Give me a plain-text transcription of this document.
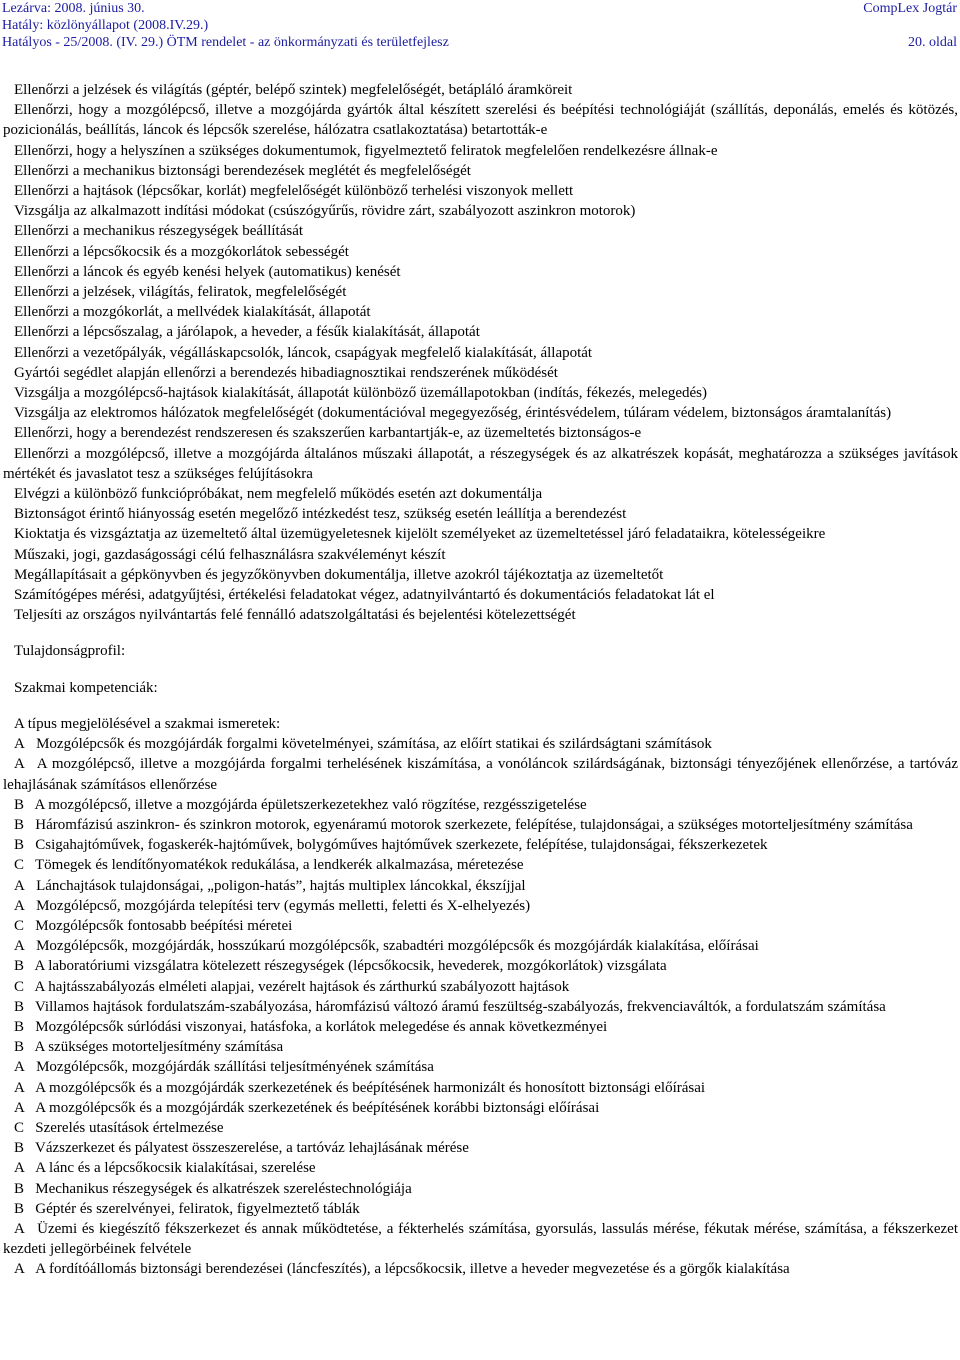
Lezárva: 2008. június 30.	CompLex Jogtár
Hatály: közlönyállapot (2008.IV.29.)
Hatályos - 25/2008. (IV. 29.) ÖTM rendelet - az önkormányzati és területfejlesz	20. oldal
Ellenőrzi a jelzések és világítás (géptér, belépő szintek) megfelelőségét, betápláló áramköreit
Ellenőrzi, hogy a mozgólépcső, illetve a mozgójárda gyártók által készített szerelési és beépítési technológiáját (szállítás, deponálás, emelés és kötözés, pozicionálás, beállítás, láncok és lépcsők szerelése, hálózatra csatlakoztatása) betartották-e
Ellenőrzi, hogy a helyszínen a szükséges dokumentumok, figyelmeztető feliratok megfelelően rendelkezésre állnak-e
Ellenőrzi a mechanikus biztonsági berendezések meglétét és megfelelőségét
Ellenőrzi a hajtások (lépcsőkar, korlát) megfelelőségét különböző terhelési viszonyok mellett
Vizsgálja az alkalmazott indítási módokat (csúszógyűrűs, rövidre zárt, szabályozott aszinkron motorok)
Ellenőrzi a mechanikus részegységek beállítását
Ellenőrzi a lépcsőkocsik és a mozgókorlátok sebességét
Ellenőrzi a láncok és egyéb kenési helyek (automatikus) kenését
Ellenőrzi a jelzések, világítás, feliratok, megfelelőségét
Ellenőrzi a mozgókorlát, a mellvédek kialakítását, állapotát
Ellenőrzi a lépcsőszalag, a járólapok, a heveder, a fésűk kialakítását, állapotát
Ellenőrzi a vezetőpályák, végálláskapcsolók, láncok, csapágyak megfelelő kialakítását, állapotát
Gyártói segédlet alapján ellenőrzi a berendezés hibadiagnosztikai rendszerének működését
Vizsgálja a mozgólépcső-hajtások kialakítását, állapotát különböző üzemállapotokban (indítás, fékezés, melegedés)
Vizsgálja az elektromos hálózatok megfelelőségét (dokumentációval megegyezőség, érintésvédelem, túláram védelem, biztonságos áramtalanítás)
Ellenőrzi, hogy a berendezést rendszeresen és szakszerűen karbantartják-e, az üzemeltetés biztonságos-e
Ellenőrzi a mozgólépcső, illetve a mozgójárda általános műszaki állapotát, a részegységek és az alkatrészek kopását, meghatározza a szükséges javítások mértékét és javaslatot tesz a szükséges felújításokra
Elvégzi a különböző funkciópróbákat, nem megfelelő működés esetén azt dokumentálja
Biztonságot érintő hiányosság esetén megelőző intézkedést tesz, szükség esetén leállítja a berendezést
Kioktatja és vizsgáztatja az üzemeltető által üzemügyeletesnek kijelölt személyeket az üzemeltetéssel járó feladataikra, kötelességeikre
Műszaki, jogi, gazdaságossági célú felhasználásra szakvéleményt készít
Megállapításait a gépkönyvben és jegyzőkönyvben dokumentálja, illetve azokról tájékoztatja az üzemeltetőt
Számítógépes mérési, adatgyűjtési, értékelési feladatokat végez, adatnyilvántartó és dokumentációs feladatokat lát el
Teljesíti az országos nyilvántartás felé fennálló adatszolgáltatási és bejelentési kötelezettségét
Tulajdonságprofil:
Szakmai kompetenciák:
A típus megjelölésével a szakmai ismeretek:
A  Mozgólépcsők és mozgójárdák forgalmi követelményei, számítása, az előírt statikai és szilárdságtani számítások
A  A mozgólépcső, illetve a mozgójárda forgalmi terhelésének kiszámítása, a vonóláncok szilárdságának, biztonsági tényezőjének ellenőrzése, a tartóváz lehajlásának számításos ellenőrzése
B  A mozgólépcső, illetve a mozgójárda épületszerkezetekhez való rögzítése, rezgésszigetelése
B  Háromfázisú aszinkron- és szinkron motorok, egyenáramú motorok szerkezete, felépítése, tulajdonságai, a szükséges motorteljesítmény számítása
B  Csigahajtóművek, fogaskerék-hajtóművek, bolygóműves hajtóművek szerkezete, felépítése, tulajdonságai, fékszerkezetek
C  Tömegek és lendítőnyomatékok redukálása, a lendkerék alkalmazása, méretezése
A  Lánchajtások tulajdonságai, „poligon-hatás”, hajtás multiplex láncokkal, ékszíjjal
A  Mozgólépcső, mozgójárda telepítési terv (egymás melletti, feletti és X-elhelyezés)
C  Mozgólépcsők fontosabb beépítési méretei
A  Mozgólépcsők, mozgójárdák, hosszúkarú mozgólépcsők, szabadtéri mozgólépcsők és mozgójárdák kialakítása, előírásai
B  A laboratóriumi vizsgálatra kötelezett részegységek (lépcsőkocsik, hevederek, mozgókorlátok) vizsgálata
C  A hajtásszabályozás elméleti alapjai, vezérelt hajtások és zárthurkú szabályozott hajtások
B  Villamos hajtások fordulatszám-szabályozása, háromfázisú változó áramú feszültség-szabályozás, frekvenciaváltók, a fordulatszám számítása
B  Mozgólépcsők súrlódási viszonyai, hatásfoka, a korlátok melegedése és annak következményei
B  A szükséges motorteljesítmény számítása
A  Mozgólépcsők, mozgójárdák szállítási teljesítményének számítása
A  A mozgólépcsők és a mozgójárdák szerkezetének és beépítésének harmonizált és honosított biztonsági előírásai
A  A mozgólépcsők és a mozgójárdák szerkezetének és beépítésének korábbi biztonsági előírásai
C  Szerelés utasítások értelmezése
B  Vázszerkezet és pályatest összeszerelése, a tartóváz lehajlásának mérése
A  A lánc és a lépcsőkocsik kialakításai, szerelése
B  Mechanikus részegységek és alkatrészek szereléstechnológiája
B  Géptér és szerelvényei, feliratok, figyelmeztető táblák
A  Üzemi és kiegészítő fékszerkezet és annak működtetése, a fékterhelés számítása, gyorsulás, lassulás mérése, fékutak mérése, számítása, a fékszerkezet kezdeti jellegörbéinek felvétele
A  A fordítóállomás biztonsági berendezései (láncfeszítés), a lépcsőkocsik, illetve a heveder megvezetése és a görgők kialakítása
